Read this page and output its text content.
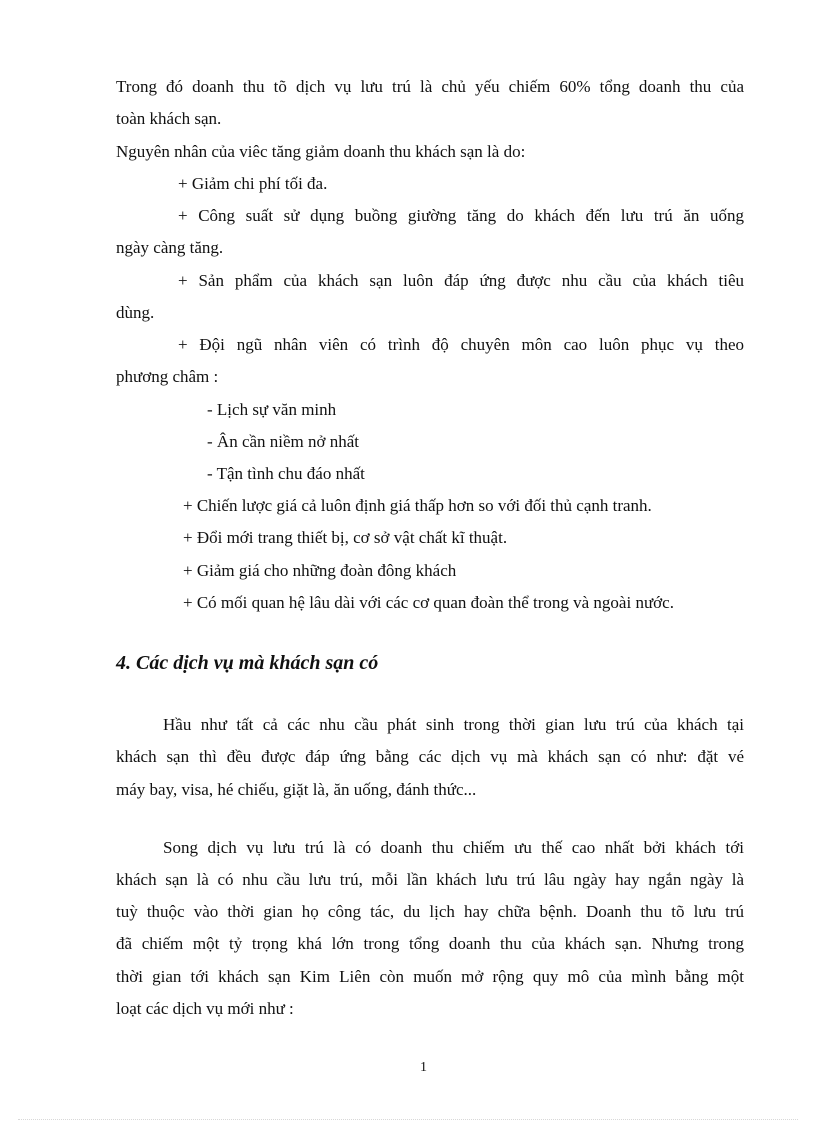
Trong đó doanh thu tõ dịch vụ lưu trú là chủ yếu chiếm 60% tổng doanh thu của

toàn khách sạn.

Nguyên nhân của viêc tăng giảm doanh thu khách sạn là do:

+ Giảm chi phí tối đa.

+ Công suất sử dụng buồng giường tăng do khách đến lưu trú ăn uống

ngày càng tăng.

+ Sản phẩm của khách sạn luôn đáp ứng được nhu cầu của khách tiêu

dùng.

+ Đội ngũ nhân viên có trình độ chuyên môn cao luôn phục vụ theo

phương châm :

- Lịch sự văn minh

- Ân cần niềm nở nhất

- Tận tình chu đáo nhất

+ Chiến lược giá cả luôn định giá thấp hơn so với đối thủ cạnh tranh.

+ Đổi mới trang thiết bị, cơ sở vật chất kĩ thuật.

+ Giảm giá cho những đoàn đông khách

+ Có mối quan hệ lâu dài với các cơ quan đoàn thể trong và ngoài nước.

4. Các dịch vụ mà khách sạn có

Hầu như tất cả các nhu cầu phát sinh trong thời gian lưu trú của khách tại

khách sạn thì đều được đáp ứng bằng các dịch vụ mà khách sạn có như: đặt vé

máy bay, visa, hé chiếu, giặt là, ăn uống, đánh thức...

Song dịch vụ lưu trú là có doanh thu chiếm ưu thế cao nhất bởi khách tới

khách sạn là có nhu cầu lưu trú, mỗi lần khách lưu trú lâu ngày hay ngắn ngày là

tuỳ thuộc vào thời gian họ công tác, du lịch hay chữa bệnh. Doanh thu tõ lưu trú

đã chiếm một tỷ trọng khá lớn trong tổng doanh thu của khách sạn. Nhưng trong

thời gian tới khách sạn Kim Liên còn muốn mở rộng quy mô của mình bằng một

loạt các dịch vụ mới như :

1
